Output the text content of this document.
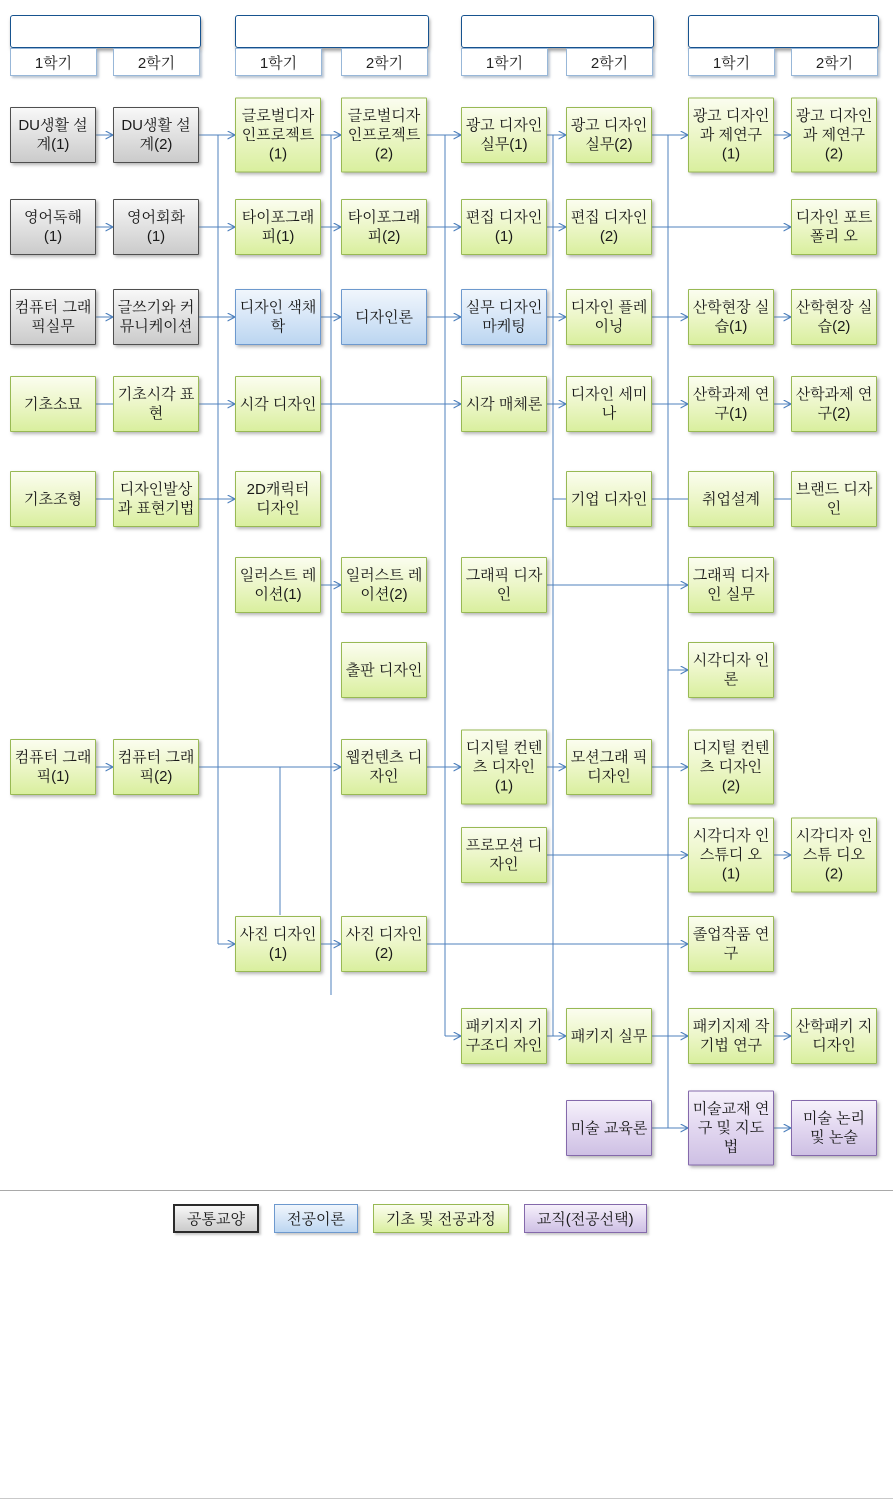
1학년
1학기	2학기
2학년
1학기	2학기
3학년
1학기	2학기
4학년
1학기	2학기
DU생활 설계(1)
DU생활 설계(2)
영어독해 (1)
영어회화 (1)
컴퓨터 그래픽실무
글쓰기와 커뮤니케이션
기초소묘
기초시각 표현
기초조형
디자인발상과 표현기법
컴퓨터 그래픽(1)
컴퓨터 그래픽(2)
글로벌디자인프로젝트(1)
글로벌디자인프로젝트(2)
타이포그래피(1)
타이포그래피(2)
디자인 색채학
디자인론
시각 디자인
2D캐릭터 디자인
일러스트 레이션(1)
일러스트 레이션(2)
출판 디자인
웹컨텐츠 디자인
사진 디자인(1)
사진 디자인(2)
광고 디자인 실무(1)
광고 디자인 실무(2)
편집 디자인(1)
편집 디자인(2)
실무 디자인 마케팅
디자인 플레이닝
시각 매체론
디자인 세미나
기업 디자인
그래픽 디자인
디지털 컨텐츠 디자인(1)
모션그래 픽 디자인
프로모션 디자인
패키지지 기 구조디 자인
패키지 실무
미술 교육론
광고 디자인과 제연구(1)
광고 디자인과 제연구(2)
디자인 포트폴리 오
산학현장 실습(1)
산학현장 실습(2)
산학과제 연구(1)
산학과제 연구(2)
취업설계
브랜드 디자인
그래픽 디자인 실무
시각디자 인론
디지털 컨텐츠 디자인(2)
시각디자 인 스튜디 오(1)
시각디자 인 스튜 디오(2)
졸업작품 연구
패키지제 작기법 연구
산학패키 지 디자인
미술교재 연구 및 지도법
미술 논리 및 논술
공통교양	전공이론	기초 및 전공과정	교직(전공선택)
